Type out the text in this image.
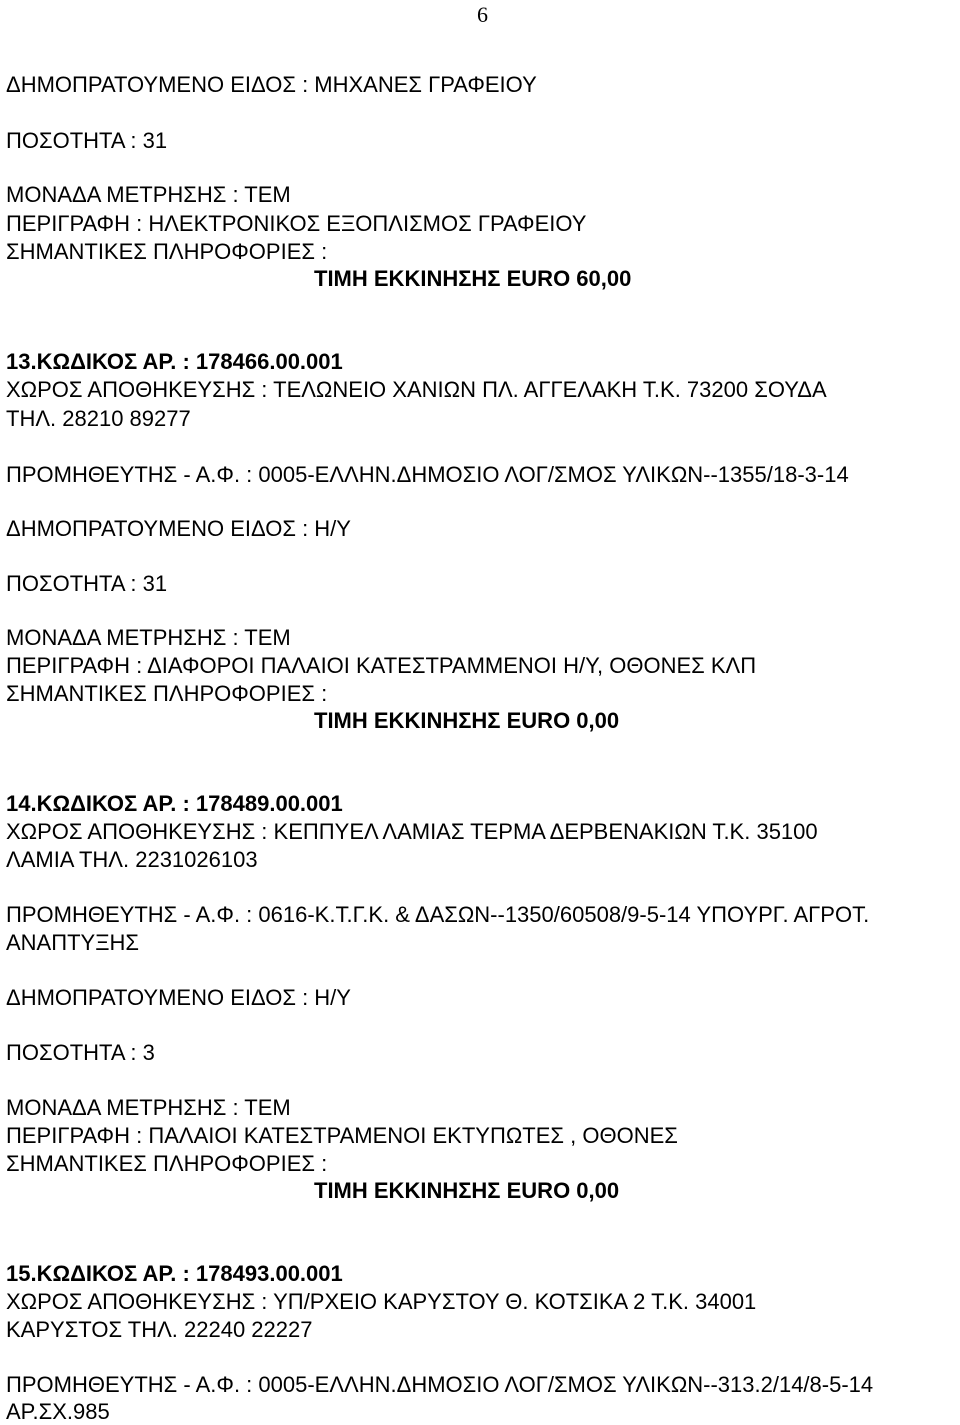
6
ΔΗΜΟΠΡΑΤΟΥΜΕΝΟ ΕΙΔΟΣ : ΜΗΧΑΝΕΣ ΓΡΑΦΕΙΟΥ
ΠΟΣΟΤΗΤΑ : 31
ΜΟΝΑΔΑ ΜΕΤΡΗΣΗΣ : ΤΕΜ
ΠΕΡΙΓΡΑΦΗ : ΗΛΕΚΤΡΟΝΙΚΟΣ ΕΞΟΠΛΙΣΜΟΣ ΓΡΑΦΕΙΟΥ
ΣΗΜΑΝΤΙΚΕΣ ΠΛΗΡΟΦΟΡΙΕΣ :
ΤΙΜΗ ΕΚΚΙΝΗΣΗΣ EURO 60,00
13.ΚΩΔΙΚΟΣ ΑΡ. : 178466.00.001
ΧΩΡΟΣ ΑΠΟΘΗΚΕΥΣΗΣ : ΤΕΛΩΝΕΙΟ ΧΑΝΙΩΝ ΠΛ. ΑΓΓΕΛΑΚΗ Τ.Κ. 73200 ΣΟΥΔΑ
ΤΗΛ. 28210 89277
ΠΡΟΜΗΘΕΥΤΗΣ - Α.Φ. : 0005-ΕΛΛΗΝ.ΔΗΜΟΣΙΟ ΛΟΓ/ΣΜΟΣ ΥΛΙΚΩΝ--1355/18-3-14
ΔΗΜΟΠΡΑΤΟΥΜΕΝΟ ΕΙΔΟΣ : Η/Υ
ΠΟΣΟΤΗΤΑ : 31
ΜΟΝΑΔΑ ΜΕΤΡΗΣΗΣ : ΤΕΜ
ΠΕΡΙΓΡΑΦΗ : ΔΙΑΦΟΡΟΙ ΠΑΛΑΙΟΙ ΚΑΤΕΣΤΡΑΜΜΕΝΟΙ Η/Υ, ΟΘΟΝΕΣ ΚΛΠ
ΣΗΜΑΝΤΙΚΕΣ ΠΛΗΡΟΦΟΡΙΕΣ :
ΤΙΜΗ ΕΚΚΙΝΗΣΗΣ EURO 0,00
14.ΚΩΔΙΚΟΣ ΑΡ. : 178489.00.001
ΧΩΡΟΣ ΑΠΟΘΗΚΕΥΣΗΣ : ΚΕΠΠΥΕΛ ΛΑΜΙΑΣ ΤΕΡΜΑ ΔΕΡΒΕΝΑΚΙΩΝ Τ.Κ. 35100
ΛΑΜΙΑ ΤΗΛ. 2231026103
ΠΡΟΜΗΘΕΥΤΗΣ - Α.Φ. : 0616-Κ.Τ.Γ.Κ. & ΔΑΣΩΝ--1350/60508/9-5-14 ΥΠΟΥΡΓ. ΑΓΡΟΤ.
ΑΝΑΠΤΥΞΗΣ
ΔΗΜΟΠΡΑΤΟΥΜΕΝΟ ΕΙΔΟΣ : Η/Υ
ΠΟΣΟΤΗΤΑ : 3
ΜΟΝΑΔΑ ΜΕΤΡΗΣΗΣ : ΤΕΜ
ΠΕΡΙΓΡΑΦΗ : ΠΑΛΑΙΟΙ ΚΑΤΕΣΤΡΑΜΕΝΟΙ ΕΚΤΥΠΩΤΕΣ , ΟΘΟΝΕΣ
ΣΗΜΑΝΤΙΚΕΣ ΠΛΗΡΟΦΟΡΙΕΣ :
ΤΙΜΗ ΕΚΚΙΝΗΣΗΣ EURO 0,00
15.ΚΩΔΙΚΟΣ ΑΡ. : 178493.00.001
ΧΩΡΟΣ ΑΠΟΘΗΚΕΥΣΗΣ : ΥΠ/ΡΧΕΙΟ ΚΑΡΥΣΤΟΥ Θ. ΚΟΤΣΙΚΑ 2 Τ.Κ. 34001
ΚΑΡΥΣΤΟΣ ΤΗΛ. 22240 22227
ΠΡΟΜΗΘΕΥΤΗΣ - Α.Φ. : 0005-ΕΛΛΗΝ.ΔΗΜΟΣΙΟ ΛΟΓ/ΣΜΟΣ ΥΛΙΚΩΝ--313.2/14/8-5-14
ΑΡ.ΣΧ.985
